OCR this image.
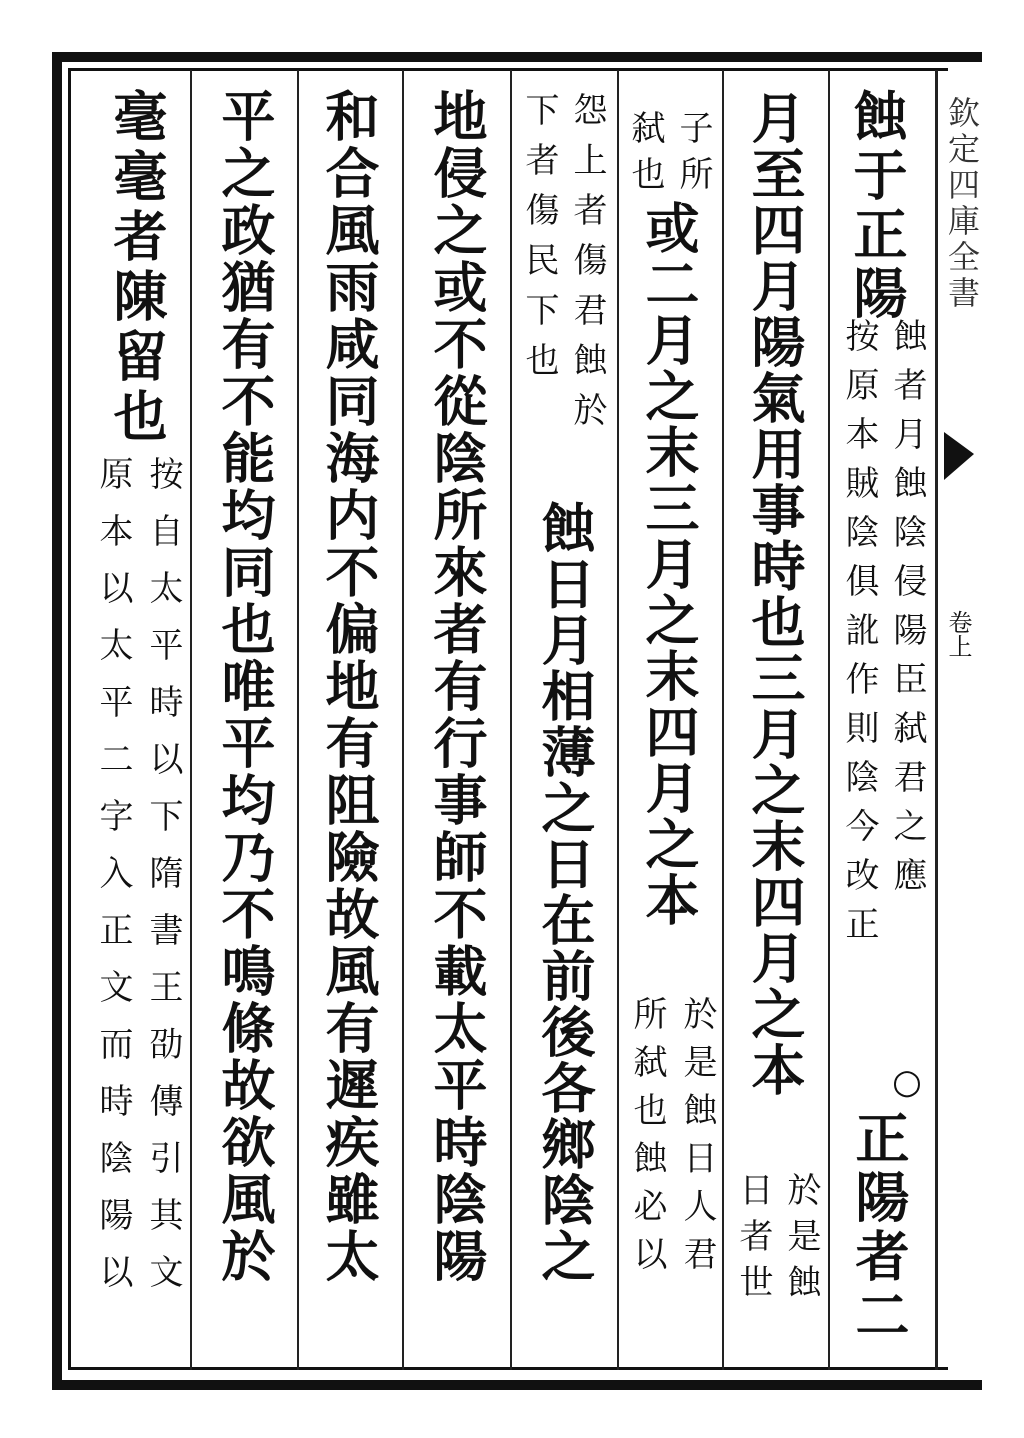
欽定四庫全書
卷上
蝕于正陽
蝕者月蝕陰侵陽臣弑君之應
按原本賊陰俱訛作則陰今改正
○
正陽者二
月至四月陽氣用事時也三月之末四月之本
於是蝕
日者世
子所
弑也
或二月之末三月之末四月之本
於是蝕日人君
所弑也蝕必以
怨上者傷君蝕於
下者傷民下也
蝕日月相薄之日在前後各鄉陰之
地侵之或不從陰所來者有行事師不載太平時陰陽
和合風雨咸同海内不偏地有阻險故風有遲疾雖太
平之政猶有不能均同也唯平均乃不鳴條故欲風於
毫毫者陳留也
按自太平時以下隋書王劭傳引其文
原本以太平二字入正文而時陰陽以
